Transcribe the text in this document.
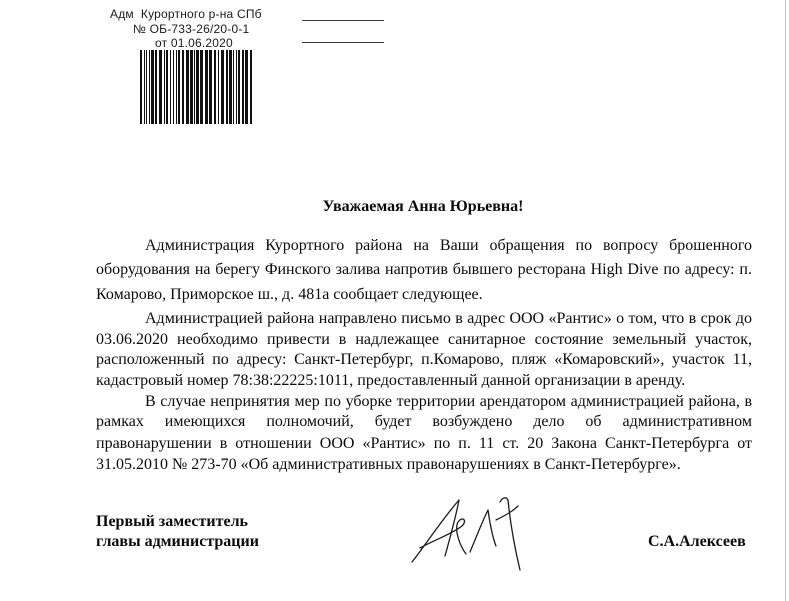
Адм  Курортного р-на СПб
№ ОБ-733-26/20-0-1
от 01.06.2020
Уважаемая Анна Юрьевна!
Администрация Курортного района на Ваши обращения по вопросу брошенного
оборудования на берегу Финского залива напротив бывшего ресторана High Dive по адресу: п.
Комарово, Приморское ш., д. 481а сообщает следующее.
Администрацией района направлено письмо в адрес ООО «Рантис» о том, что в срок до
03.06.2020 необходимо привести в надлежащее санитарное состояние земельный участок,
расположенный по адресу: Санкт-Петербург, п.Комарово, пляж «Комаровский», участок 11,
кадастровый номер 78:38:22225:1011, предоставленный данной организации в аренду.
В случае непринятия мер по уборке территории арендатором администрацией района, в
рамках имеющихся полномочий, будет возбуждено дело об административном
правонарушении в отношении ООО «Рантис» по п. 11 ст. 20 Закона Санкт-Петербурга от
31.05.2010 № 273-70 «Об административных правонарушениях в Санкт-Петербурге».
Первый заместитель
главы администрации	С.А.Алексеев
